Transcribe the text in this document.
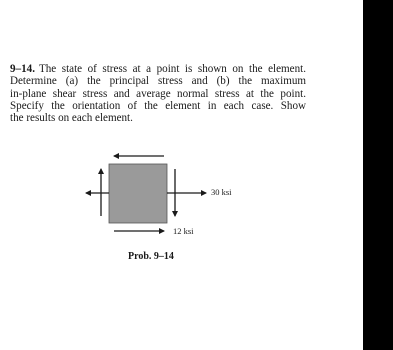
9–14. The state of stress at a point is shown on the element.
Determine (a) the principal stress and (b) the maximum
in-plane shear stress and average normal stress at the point.
Specify the orientation of the element in each case. Show
the results on each element.
30 ksi
12 ksi
Prob. 9–14
